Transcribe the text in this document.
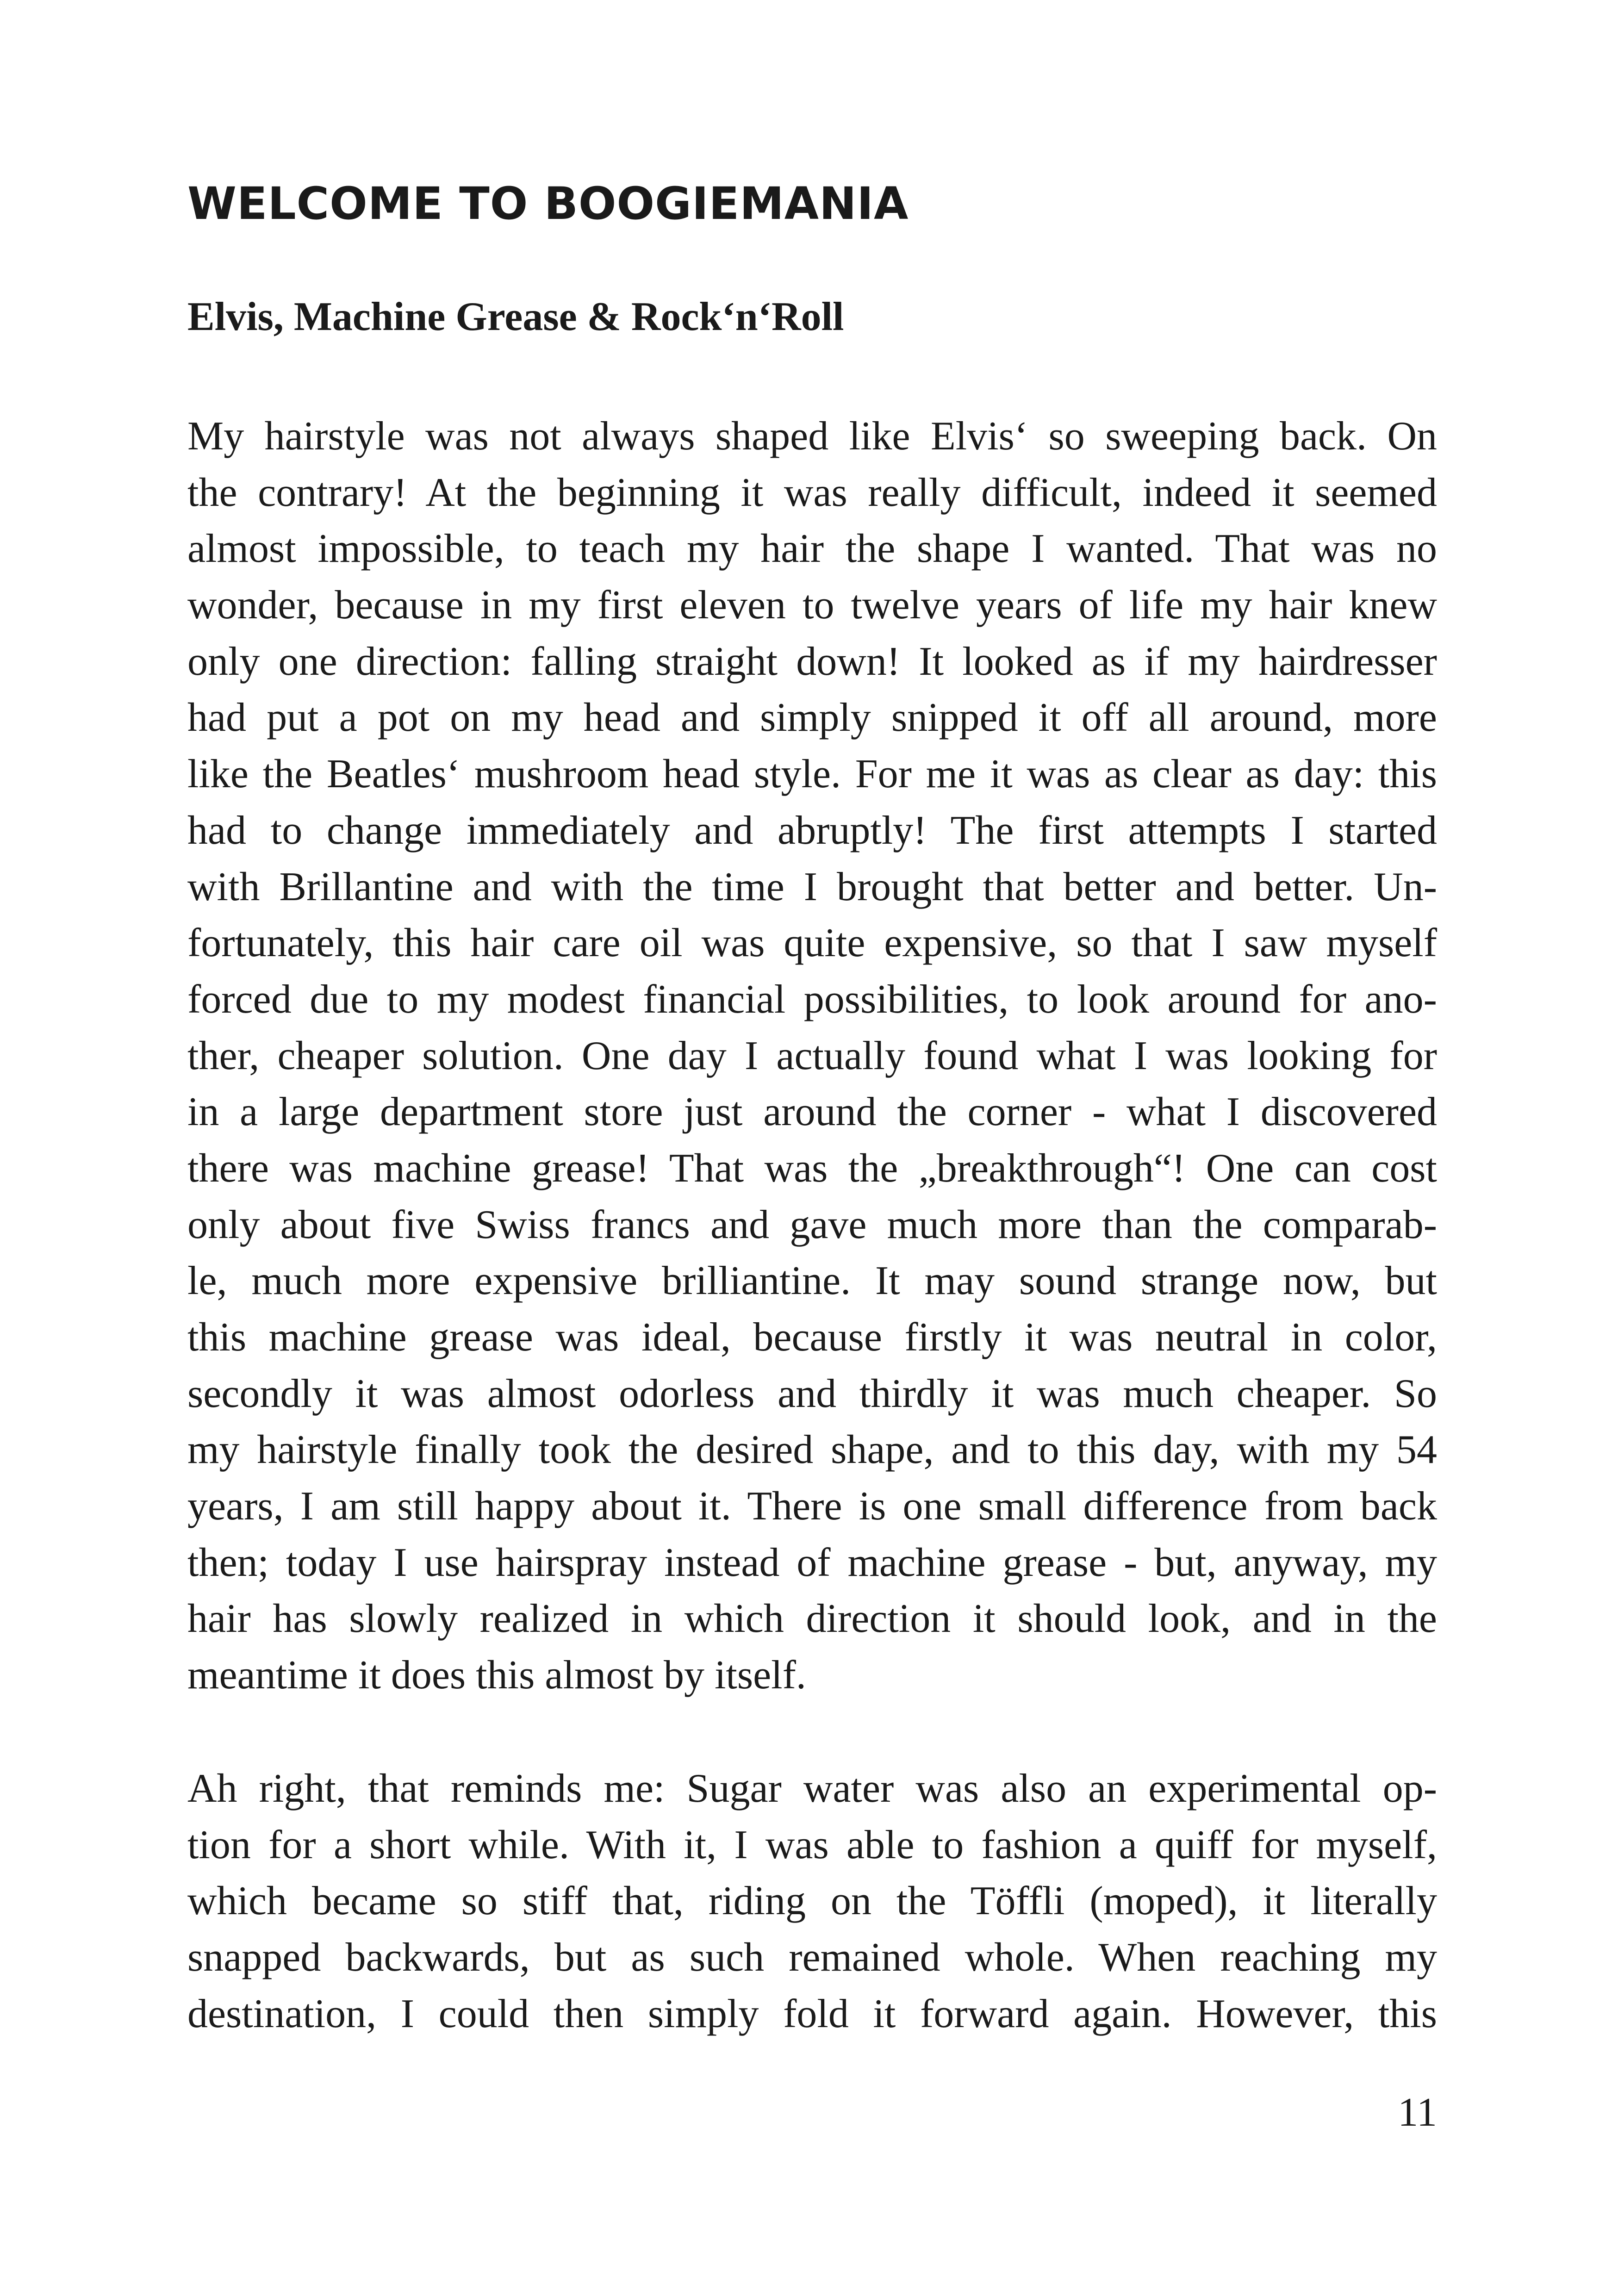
WELCOME TO BOOGIEMANIA
Elvis, Machine Grease & Rock‘n‘Roll
My hairstyle was not always shaped like Elvis‘ so sweeping back. On
the contrary! At the beginning it was really difficult, indeed it seemed
almost impossible, to teach my hair the shape I wanted. That was no
wonder, because in my first eleven to twelve years of life my hair knew
only one direction: falling straight down! It looked as if my hairdresser
had put a pot on my head and simply snipped it off all around, more
like the Beatles‘ mushroom head style. For me it was as clear as day: this
had to change immediately and abruptly! The first attempts I started
with Brillantine and with the time I brought that better and better. Un-
fortunately, this hair care oil was quite expensive, so that I saw myself
forced due to my modest financial possibilities, to look around for ano-
ther, cheaper solution. One day I actually found what I was looking for
in a large department store just around the corner - what I discovered
there was machine grease! That was the „breakthrough“! One can cost
only about five Swiss francs and gave much more than the comparab-
le, much more expensive brilliantine. It may sound strange now, but
this machine grease was ideal, because firstly it was neutral in color,
secondly it was almost odorless and thirdly it was much cheaper. So
my hairstyle finally took the desired shape, and to this day, with my 54
years, I am still happy about it. There is one small difference from back
then; today I use hairspray instead of machine grease - but, anyway, my
hair has slowly realized in which direction it should look, and in the
meantime it does this almost by itself.
Ah right, that reminds me: Sugar water was also an experimental op-
tion for a short while. With it, I was able to fashion a quiff for myself,
which became so stiff that, riding on the Töffli (moped), it literally
snapped backwards, but as such remained whole. When reaching my
destination, I could then simply fold it forward again. However, this
11
